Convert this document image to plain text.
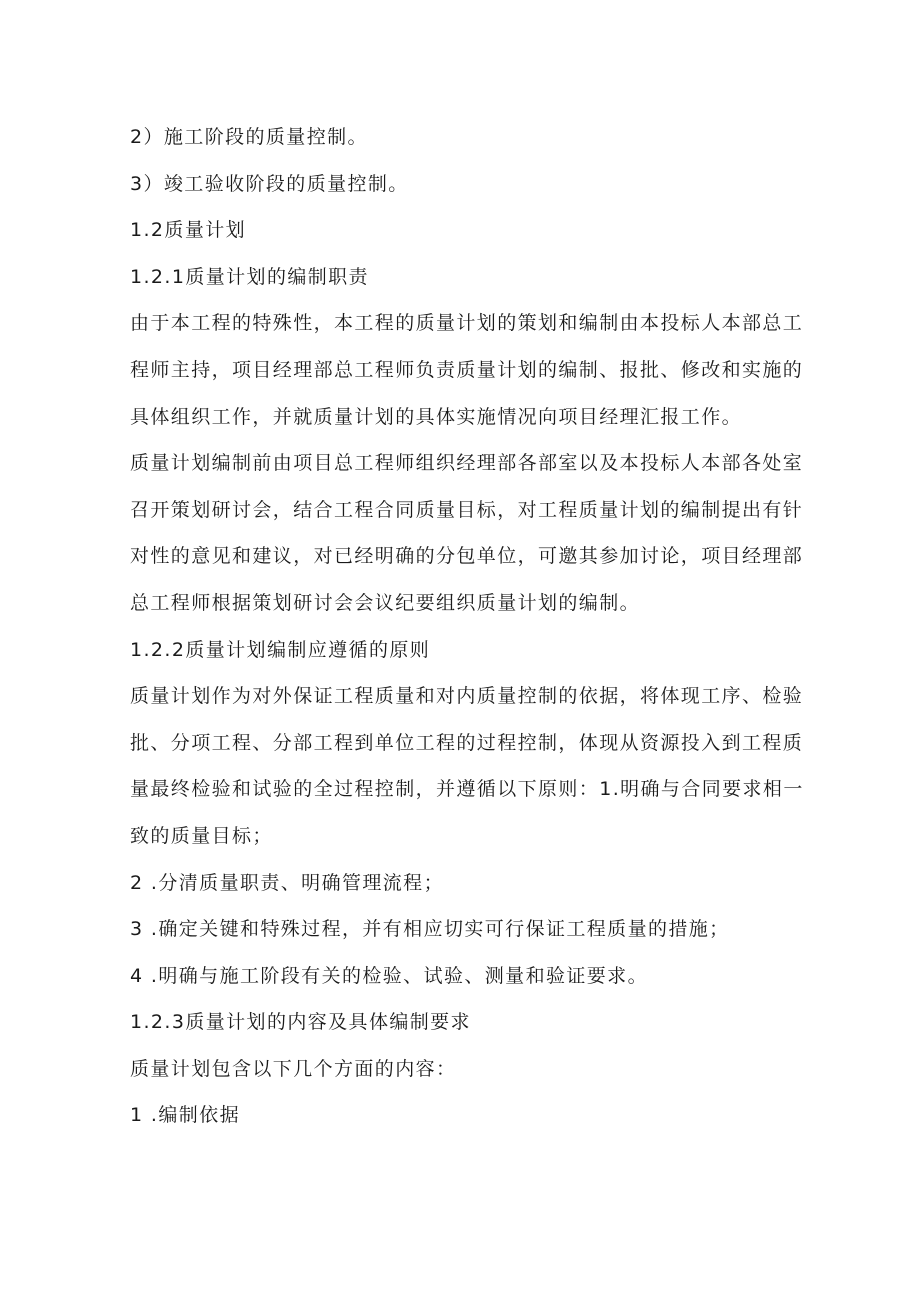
2）施工阶段的质量控制。
3）竣工验收阶段的质量控制。
1.2质量计划
1.2.1质量计划的编制职责
由于本工程的特殊性，本工程的质量计划的策划和编制由本投标人本部总工
程师主持，项目经理部总工程师负责质量计划的编制、报批、修改和实施的
具体组织工作，并就质量计划的具体实施情况向项目经理汇报工作。
质量计划编制前由项目总工程师组织经理部各部室以及本投标人本部各处室
召开策划研讨会，结合工程合同质量目标，对工程质量计划的编制提出有针
对性的意见和建议，对已经明确的分包单位，可邀其参加讨论，项目经理部
总工程师根据策划研讨会会议纪要组织质量计划的编制。
1.2.2质量计划编制应遵循的原则
质量计划作为对外保证工程质量和对内质量控制的依据，将体现工序、检验
批、分项工程、分部工程到单位工程的过程控制，体现从资源投入到工程质
量最终检验和试验的全过程控制，并遵循以下原则：1.明确与合同要求相一
致的质量目标；
2 .分清质量职责、明确管理流程；
3 .确定关键和特殊过程，并有相应切实可行保证工程质量的措施；
4 .明确与施工阶段有关的检验、试验、测量和验证要求。
1.2.3质量计划的内容及具体编制要求
质量计划包含以下几个方面的内容：
1 .编制依据
